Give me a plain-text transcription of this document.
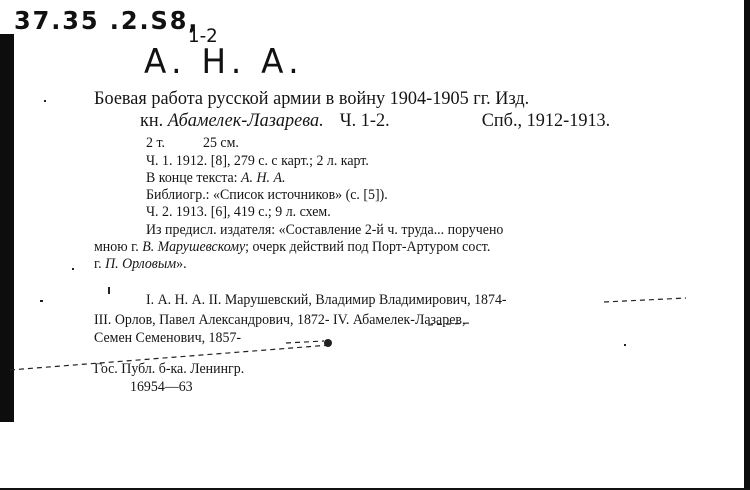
37.35 .2.S8,
1-2
А. Н. А.
Боевая работа русской армии в войну 1904-1905 гг. Изд.
кн. Абамелек-Лазарева. Ч. 1-2.	Спб., 1912-1913.
2 т.	25 см.
Ч. 1. 1912. [8], 279 с. с карт.; 2 л. карт.
В конце текста: А. Н. А.
Библиогр.: «Список источников» (с. [5]).
Ч. 2. 1913. [6], 419 с.; 9 л. схем.
Из предисл. издателя: «Составление 2-й ч. труда... поручено
мною г. В. Марушевскому; очерк действий под Порт-Артуром сост.
г. П. Орловым».
I. А. Н. А. II. Марушевский, Владимир Владимирович, 1874-
III. Орлов, Павел Александрович, 1872- IV. Абамелек-Лазарев,
Семен Семенович, 1857-
Гос. Публ. б-ка. Ленингр.
16954—63
